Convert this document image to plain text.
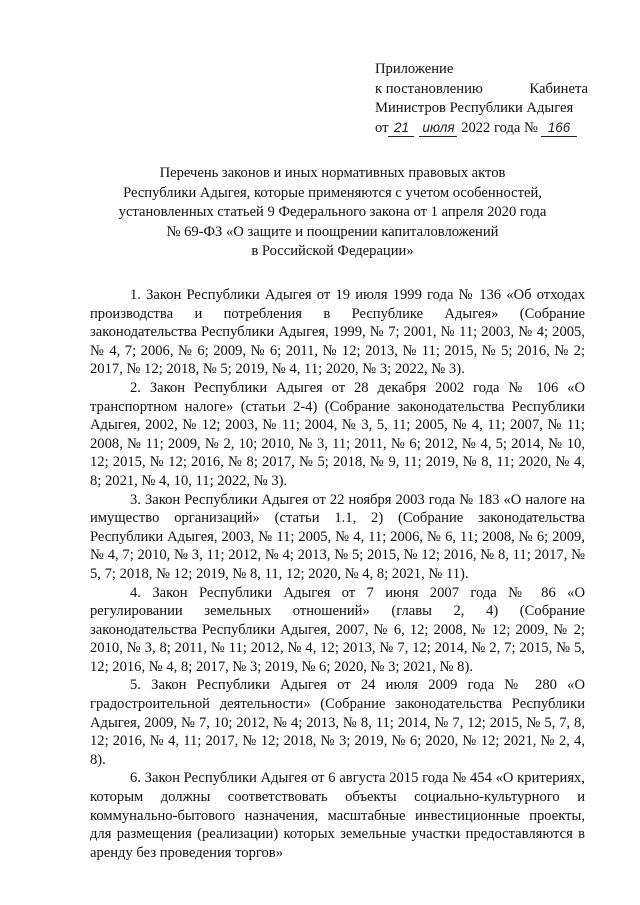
Приложение
к постановлению	Кабинета
Министров Республики Адыгея
от 21 июля 2022 года № 166
Перечень законов и иных нормативных правовых актов
Республики Адыгея, которые применяются с учетом особенностей,
установленных статьей 9 Федерального закона от 1 апреля 2020 года
№ 69-ФЗ «О защите и поощрении капиталовложений
в Российской Федерации»

1. Закон Республики Адыгея от 19 июля 1999 года № 136 «Об отходах производства и потребления в Республике Адыгея» (Собрание законодательства Республики Адыгея, 1999, № 7; 2001, № 11; 2003, № 4; 2005, № 4, 7; 2006, № 6; 2009, № 6; 2011, № 12; 2013, № 11; 2015, № 5; 2016, № 2; 2017, № 12; 2018, № 5; 2019, № 4, 11; 2020, № 3; 2022, № 3).

2. Закон Республики Адыгея от 28 декабря 2002 года № 106 «О транспортном налоге» (статьи 2-4) (Собрание законодательства Республики Адыгея, 2002, № 12; 2003, № 11; 2004, № 3, 5, 11; 2005, № 4, 11; 2007, № 11; 2008, № 11; 2009, № 2, 10; 2010, № 3, 11; 2011, № 6; 2012, № 4, 5; 2014, № 10, 12; 2015, № 12; 2016, № 8; 2017, № 5; 2018, № 9, 11; 2019, № 8, 11; 2020, № 4, 8; 2021, № 4, 10, 11; 2022, № 3).

3. Закон Республики Адыгея от 22 ноября 2003 года № 183 «О налоге на имущество организаций» (статьи 1.1, 2) (Собрание законодательства Республики Адыгея, 2003, № 11; 2005, № 4, 11; 2006, № 6, 11; 2008, № 6; 2009, № 4, 7; 2010, № 3, 11; 2012, № 4; 2013, № 5; 2015, № 12; 2016, № 8, 11; 2017, № 5, 7; 2018, № 12; 2019, № 8, 11, 12; 2020, № 4, 8; 2021, № 11).

4. Закон Республики Адыгея от 7 июня 2007 года № 86 «О регулировании земельных отношений» (главы 2, 4) (Собрание законодательства Республики Адыгея, 2007, № 6, 12; 2008, № 12; 2009, № 2; 2010, № 3, 8; 2011, № 11; 2012, № 4, 12; 2013, № 7, 12; 2014, № 2, 7; 2015, № 5, 12; 2016, № 4, 8; 2017, № 3; 2019, № 6; 2020, № 3; 2021, № 8).

5. Закон Республики Адыгея от 24 июля 2009 года № 280 «О градостроительной деятельности» (Собрание законодательства Республики Адыгея, 2009, № 7, 10; 2012, № 4; 2013, № 8, 11; 2014, № 7, 12; 2015, № 5, 7, 8, 12; 2016, № 4, 11; 2017, № 12; 2018, № 3; 2019, № 6; 2020, № 12; 2021, № 2, 4, 8).

6. Закон Республики Адыгея от 6 августа 2015 года № 454 «О критериях, которым должны соответствовать объекты социально-культурного и коммунально-бытового назначения, масштабные инвестиционные проекты, для размещения (реализации) которых земельные участки предоставляются в аренду без проведения торгов»
